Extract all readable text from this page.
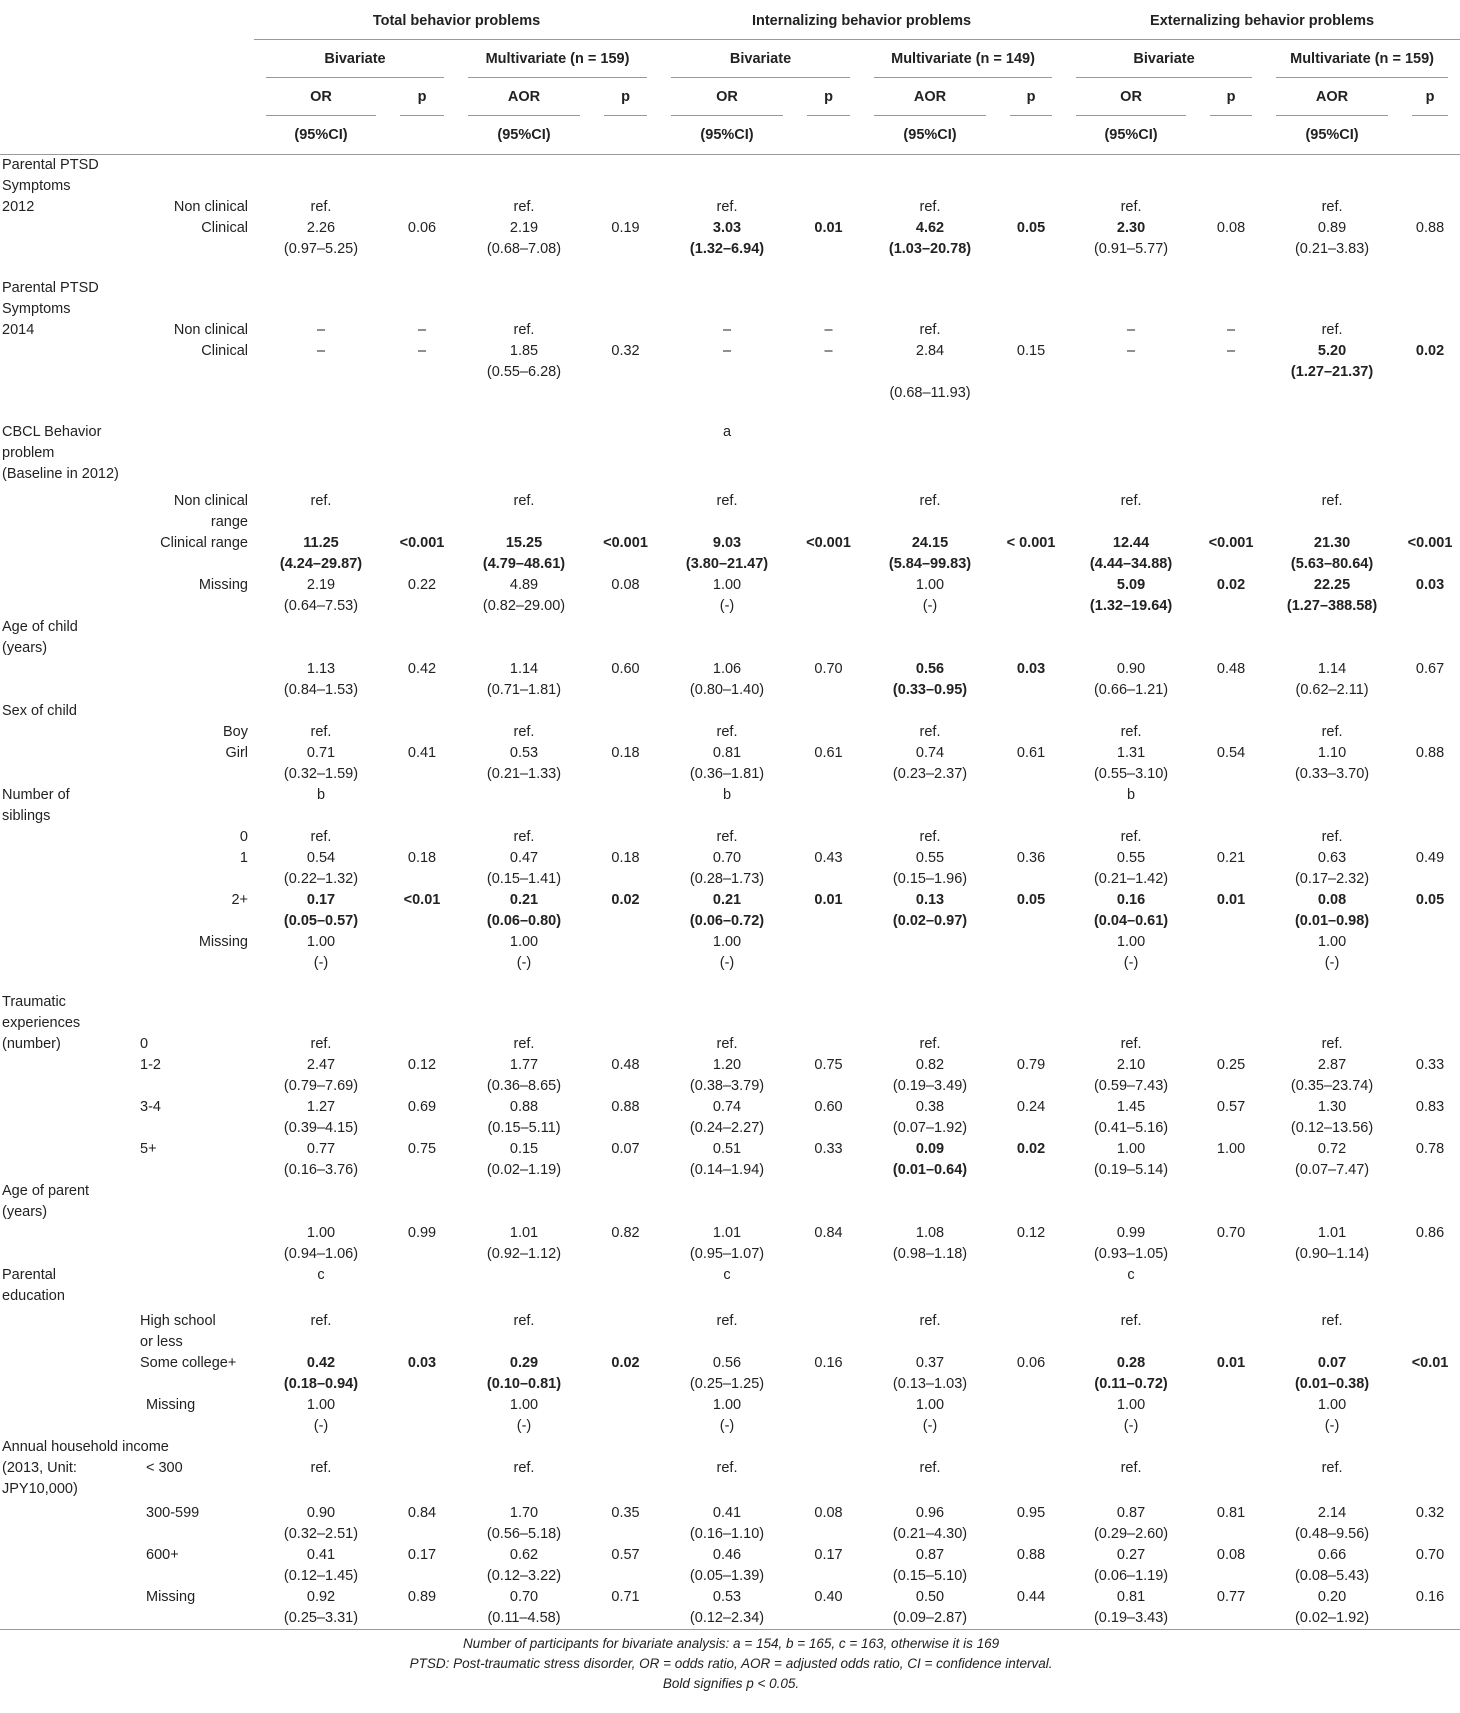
		Total behavior problems				Internalizing behavior problems				Externalizing behavior problems			
		Bivariate		Multivariate (n = 159)		Bivariate		Multivariate (n = 149)		Bivariate		Multivariate (n = 159)	
		OR	p	AOR	p	OR	p	AOR	p	OR	p	AOR	p
		(95%CI)		(95%CI)		(95%CI)		(95%CI)		(95%CI)		(95%CI)	
Parental PTSD													
Symptoms													
2012	Non clinical	ref.		ref.		ref.		ref.		ref.		ref.	
	Clinical	2.26	0.06	2.19	0.19	3.03	0.01	4.62	0.05	2.30	0.08	0.89	0.88
		(0.97–5.25)		(0.68–7.08)		(1.32–6.94)		(1.03–20.78)		(0.91–5.77)		(0.21–3.83)	

Parental PTSD													
Symptoms													
2014	Non clinical	–	–	ref.		–	–	ref.		–	–	ref.	
	Clinical	–	–	1.85	0.32	–	–	2.84	0.15	–	–	5.20	0.02
				(0.55–6.28)								(1.27–21.37)	
								(0.68–11.93)					

CBCL Behavior						a							
problem													
(Baseline in 2012)													

	Non clinical	ref.		ref.		ref.		ref.		ref.		ref.	
	range												
	Clinical range	11.25	<0.001	15.25	<0.001	9.03	<0.001	24.15	< 0.001	12.44	<0.001	21.30	<0.001
		(4.24–29.87)		(4.79–48.61)		(3.80–21.47)		(5.84–99.83)		(4.44–34.88)		(5.63–80.64)	
	Missing	2.19	0.22	4.89	0.08	1.00		1.00		5.09	0.02	22.25	0.03
		(0.64–7.53)		(0.82–29.00)		(-)		(-)		(1.32–19.64)		(1.27–388.58)	
Age of child													
(years)													
		1.13	0.42	1.14	0.60	1.06	0.70	0.56	0.03	0.90	0.48	1.14	0.67
		(0.84–1.53)		(0.71–1.81)		(0.80–1.40)		(0.33–0.95)		(0.66–1.21)		(0.62–2.11)	
Sex of child													
	Boy	ref.		ref.		ref.		ref.		ref.		ref.	
	Girl	0.71	0.41	0.53	0.18	0.81	0.61	0.74	0.61	1.31	0.54	1.10	0.88
		(0.32–1.59)		(0.21–1.33)		(0.36–1.81)		(0.23–2.37)		(0.55–3.10)		(0.33–3.70)	
Number of		b				b				b			
siblings													
	0	ref.		ref.		ref.		ref.		ref.		ref.	
	1	0.54	0.18	0.47	0.18	0.70	0.43	0.55	0.36	0.55	0.21	0.63	0.49
		(0.22–1.32)		(0.15–1.41)		(0.28–1.73)		(0.15–1.96)		(0.21–1.42)		(0.17–2.32)	
	2+	0.17	<0.01	0.21	0.02	0.21	0.01	0.13	0.05	0.16	0.01	0.08	0.05
		(0.05–0.57)		(0.06–0.80)		(0.06–0.72)		(0.02–0.97)		(0.04–0.61)		(0.01–0.98)	
	Missing	1.00		1.00		1.00				1.00		1.00	
		(-)		(-)		(-)				(-)		(-)	

Traumatic													
experiences													
(number)	0	ref.		ref.		ref.		ref.		ref.		ref.	
	1-2	2.47	0.12	1.77	0.48	1.20	0.75	0.82	0.79	2.10	0.25	2.87	0.33
		(0.79–7.69)		(0.36–8.65)		(0.38–3.79)		(0.19–3.49)		(0.59–7.43)		(0.35–23.74)	
	3-4	1.27	0.69	0.88	0.88	0.74	0.60	0.38	0.24	1.45	0.57	1.30	0.83
		(0.39–4.15)		(0.15–5.11)		(0.24–2.27)		(0.07–1.92)		(0.41–5.16)		(0.12–13.56)	
	5+	0.77	0.75	0.15	0.07	0.51	0.33	0.09	0.02	1.00	1.00	0.72	0.78
		(0.16–3.76)		(0.02–1.19)		(0.14–1.94)		(0.01–0.64)		(0.19–5.14)		(0.07–7.47)	
Age of parent													
(years)													
		1.00	0.99	1.01	0.82	1.01	0.84	1.08	0.12	0.99	0.70	1.01	0.86
		(0.94–1.06)		(0.92–1.12)		(0.95–1.07)		(0.98–1.18)		(0.93–1.05)		(0.90–1.14)	
Parental		c				c				c			
education													

	High school	ref.		ref.		ref.		ref.		ref.		ref.	
	or less												
	Some college+	0.42	0.03	0.29	0.02	0.56	0.16	0.37	0.06	0.28	0.01	0.07	<0.01
		(0.18–0.94)		(0.10–0.81)		(0.25–1.25)		(0.13–1.03)		(0.11–0.72)		(0.01–0.38)	
	Missing	1.00		1.00		1.00		1.00		1.00		1.00	
		(-)		(-)		(-)		(-)		(-)		(-)	
Annual household income													
(2013, Unit:	< 300	ref.		ref.		ref.		ref.		ref.		ref.	
JPY10,000)													

	300-599	0.90	0.84	1.70	0.35	0.41	0.08	0.96	0.95	0.87	0.81	2.14	0.32
		(0.32–2.51)		(0.56–5.18)		(0.16–1.10)		(0.21–4.30)		(0.29–2.60)		(0.48–9.56)	
	600+	0.41	0.17	0.62	0.57	0.46	0.17	0.87	0.88	0.27	0.08	0.66	0.70
		(0.12–1.45)		(0.12–3.22)		(0.05–1.39)		(0.15–5.10)		(0.06–1.19)		(0.08–5.43)	
	Missing	0.92	0.89	0.70	0.71	0.53	0.40	0.50	0.44	0.81	0.77	0.20	0.16
		(0.25–3.31)		(0.11–4.58)		(0.12–2.34)		(0.09–2.87)		(0.19–3.43)		(0.02–1.92)	
Number of participants for bivariate analysis: a = 154, b = 165, c = 163, otherwise it is 169													
PTSD: Post-traumatic stress disorder, OR = odds ratio, AOR = adjusted odds ratio, CI = confidence interval.													
Bold signifies p < 0.05.													
